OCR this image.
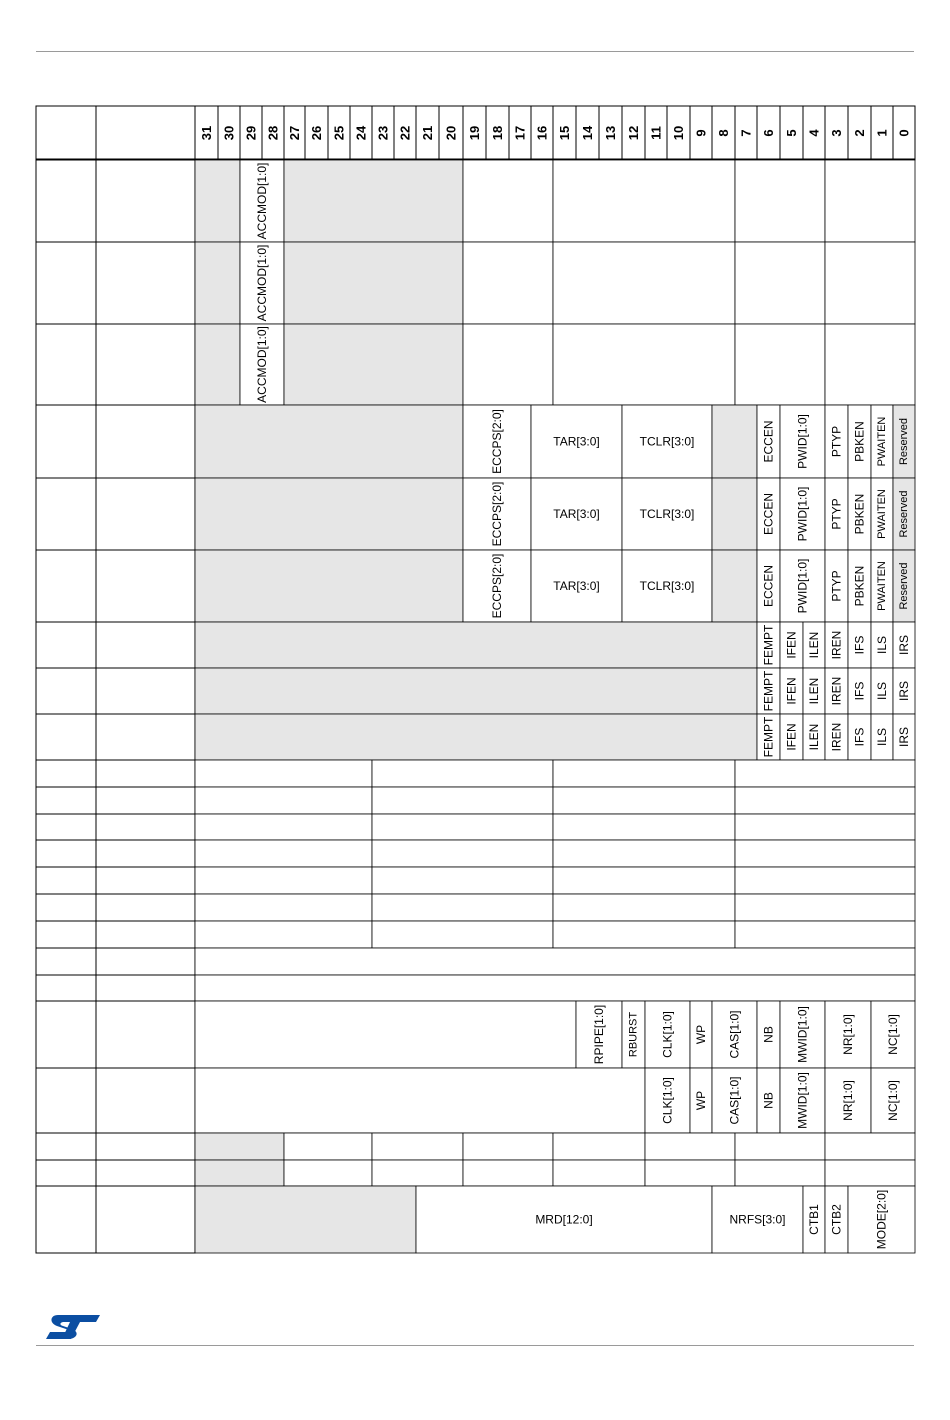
31 30 29 28 27 26 25 24 23 22 21 20 19 18 17 16 15 14 13 12 11 10 9 8 7 6 5 4 3 2 1 0
ACCMOD[1:0]
ACCMOD[1:0]
ACCMOD[1:0]
ECCPS[2:0]	TAR[3:0]	TCLR[3:0]	ECCEN PWID[1:0] PTYP PBKEN PWAITEN Reserved
ECCPS[2:0]	TAR[3:0]	TCLR[3:0]	ECCEN PWID[1:0] PTYP PBKEN PWAITEN Reserved
ECCPS[2:0]	TAR[3:0]	TCLR[3:0]	ECCEN PWID[1:0] PTYP PBKEN PWAITEN Reserved
FEMPT IFEN ILEN IREN IFS ILS IRS
FEMPT IFEN ILEN IREN IFS ILS IRS
FEMPT IFEN ILEN IREN IFS ILS IRS
RPIPE[1:0] RBURST CLK[1:0] WP CAS[1:0] NB MWID[1:0]	NR[1:0]	NC[1:0]
CLK[1:0] WP CAS[1:0] NB MWID[1:0]	NR[1:0]	NC[1:0]
MRD[12:0]	NRFS[3:0] CTB1 CTB2	MODE[2:0]
